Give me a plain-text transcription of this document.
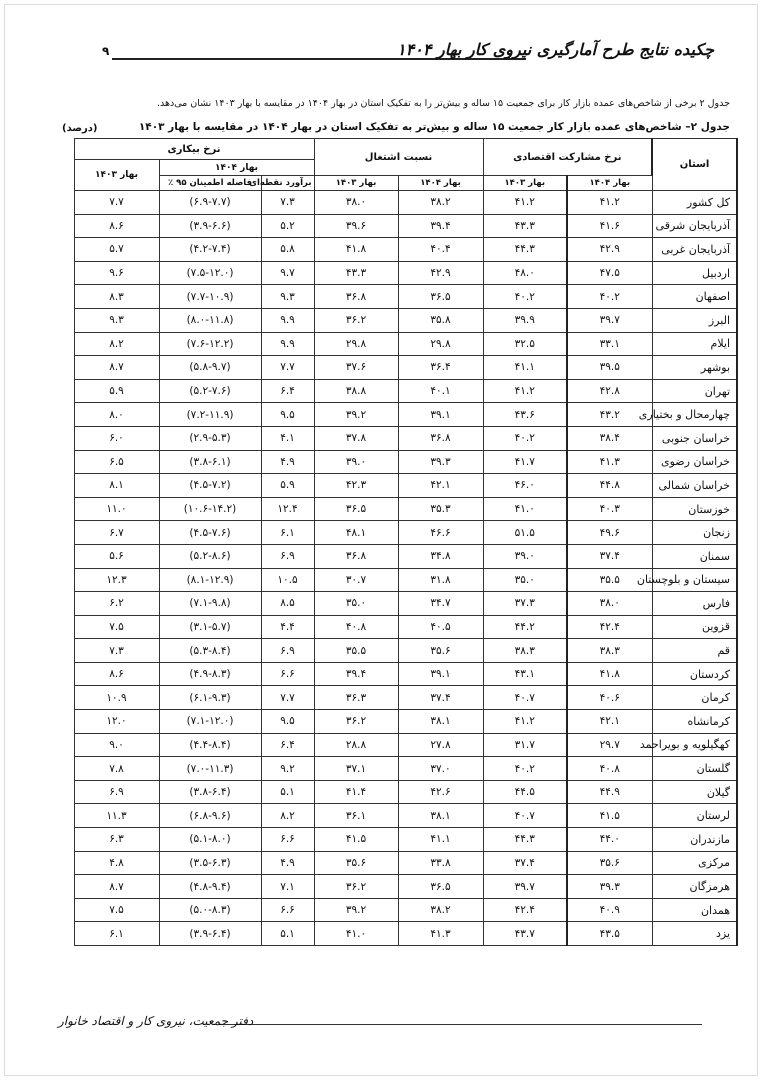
۹	چکیده نتایج طرح آمارگیری نیروی کار بهار ۱۴۰۴
جدول ۲ برخی از شاخص‌های عمده بازار کار برای جمعیت ۱۵ ساله و بیش‌تر را به تفکیک استان در بهار ۱۴۰۴ در مقایسه با بهار ۱۴۰۳ نشان می‌دهد.
جدول ۲– شاخص‌های عمده بازار کار جمعیت ۱۵ ساله و بیش‌تر به تفکیک استان در بهار ۱۴۰۴ در مقایسه با بهار ۱۴۰۳
(درصد)
استان	نرخ مشارکت اقتصادی		نسبت اشتغال		نرخ بیکاری			
					بهار ۱۴۰۴		بهار ۱۴۰۳	
	بهار ۱۴۰۴	بهار ۱۴۰۳	بهار ۱۴۰۴	بهار ۱۴۰۳	برآورد نقطه‌ای	فاصله اطمینان ۹۵ ٪		
کل کشور	۴۱.۲	۴۱.۲	۳۸.۲	۳۸.۰	۷.۳	(۶.۹-۷.۷)	۷.۷	
آذربایجان شرقی	۴۱.۶	۴۳.۳	۳۹.۴	۳۹.۶	۵.۲	(۳.۹-۶.۶)	۸.۶	
آذربایجان غربی	۴۲.۹	۴۴.۳	۴۰.۴	۴۱.۸	۵.۸	(۴.۲-۷.۴)	۵.۷	
اردبیل	۴۷.۵	۴۸.۰	۴۲.۹	۴۳.۳	۹.۷	(۷.۵-۱۲.۰)	۹.۶	
اصفهان	۴۰.۲	۴۰.۲	۳۶.۵	۳۶.۸	۹.۳	(۷.۷-۱۰.۹)	۸.۳	
البرز	۳۹.۷	۳۹.۹	۳۵.۸	۳۶.۲	۹.۹	(۸.۰-۱۱.۸)	۹.۳	
ایلام	۳۳.۱	۳۲.۵	۲۹.۸	۲۹.۸	۹.۹	(۷.۶-۱۲.۲)	۸.۲	
بوشهر	۳۹.۵	۴۱.۱	۳۶.۴	۳۷.۶	۷.۷	(۵.۸-۹.۷)	۸.۷	
تهران	۴۲.۸	۴۱.۲	۴۰.۱	۳۸.۸	۶.۴	(۵.۲-۷.۶)	۵.۹	
چهارمحال و بختیاری	۴۳.۲	۴۳.۶	۳۹.۱	۳۹.۲	۹.۵	(۷.۲-۱۱.۹)	۸.۰	
خراسان جنوبی	۳۸.۴	۴۰.۲	۳۶.۸	۳۷.۸	۴.۱	(۲.۹-۵.۳)	۶.۰	
خراسان رضوی	۴۱.۳	۴۱.۷	۳۹.۳	۳۹.۰	۴.۹	(۳.۸-۶.۱)	۶.۵	
خراسان شمالی	۴۴.۸	۴۶.۰	۴۲.۱	۴۲.۳	۵.۹	(۴.۵-۷.۲)	۸.۱	
خوزستان	۴۰.۳	۴۱.۰	۳۵.۳	۳۶.۵	۱۲.۴	(۱۰.۶-۱۴.۲)	۱۱.۰	
زنجان	۴۹.۶	۵۱.۵	۴۶.۶	۴۸.۱	۶.۱	(۴.۵-۷.۶)	۶.۷	
سمنان	۳۷.۴	۳۹.۰	۳۴.۸	۳۶.۸	۶.۹	(۵.۲-۸.۶)	۵.۶	
سیستان و بلوچستان	۳۵.۵	۳۵.۰	۳۱.۸	۳۰.۷	۱۰.۵	(۸.۱-۱۲.۹)	۱۲.۳	
فارس	۳۸.۰	۳۷.۳	۳۴.۷	۳۵.۰	۸.۵	(۷.۱-۹.۸)	۶.۲	
قزوین	۴۲.۴	۴۴.۲	۴۰.۵	۴۰.۸	۴.۴	(۳.۱-۵.۷)	۷.۵	
قم	۳۸.۳	۳۸.۳	۳۵.۶	۳۵.۵	۶.۹	(۵.۳-۸.۴)	۷.۳	
کردستان	۴۱.۸	۴۳.۱	۳۹.۱	۳۹.۴	۶.۶	(۴.۹-۸.۳)	۸.۶	
کرمان	۴۰.۶	۴۰.۷	۳۷.۴	۳۶.۳	۷.۷	(۶.۱-۹.۳)	۱۰.۹	
کرمانشاه	۴۲.۱	۴۱.۲	۳۸.۱	۳۶.۲	۹.۵	(۷.۱-۱۲.۰)	۱۲.۰	
کهگیلویه و بویراحمد	۲۹.۷	۳۱.۷	۲۷.۸	۲۸.۸	۶.۴	(۴.۴-۸.۴)	۹.۰	
گلستان	۴۰.۸	۴۰.۲	۳۷.۰	۳۷.۱	۹.۲	(۷.۰-۱۱.۳)	۷.۸	
گیلان	۴۴.۹	۴۴.۵	۴۲.۶	۴۱.۴	۵.۱	(۳.۸-۶.۴)	۶.۹	
لرستان	۴۱.۵	۴۰.۷	۳۸.۱	۳۶.۱	۸.۲	(۶.۸-۹.۶)	۱۱.۳	
مازندران	۴۴.۰	۴۴.۳	۴۱.۱	۴۱.۵	۶.۶	(۵.۱-۸.۰)	۶.۳	
مرکزی	۳۵.۶	۳۷.۴	۳۳.۸	۳۵.۶	۴.۹	(۳.۵-۶.۳)	۴.۸	
هرمزگان	۳۹.۳	۳۹.۷	۳۶.۵	۳۶.۲	۷.۱	(۴.۸-۹.۴)	۸.۷	
همدان	۴۰.۹	۴۲.۴	۳۸.۲	۳۹.۲	۶.۶	(۵.۰-۸.۳)	۷.۵	
یزد	۴۳.۵	۴۳.۷	۴۱.۳	۴۱.۰	۵.۱	(۳.۹-۶.۴)	۶.۱	
دفتر جمعیت، نیروی کار و اقتصاد خانوار
